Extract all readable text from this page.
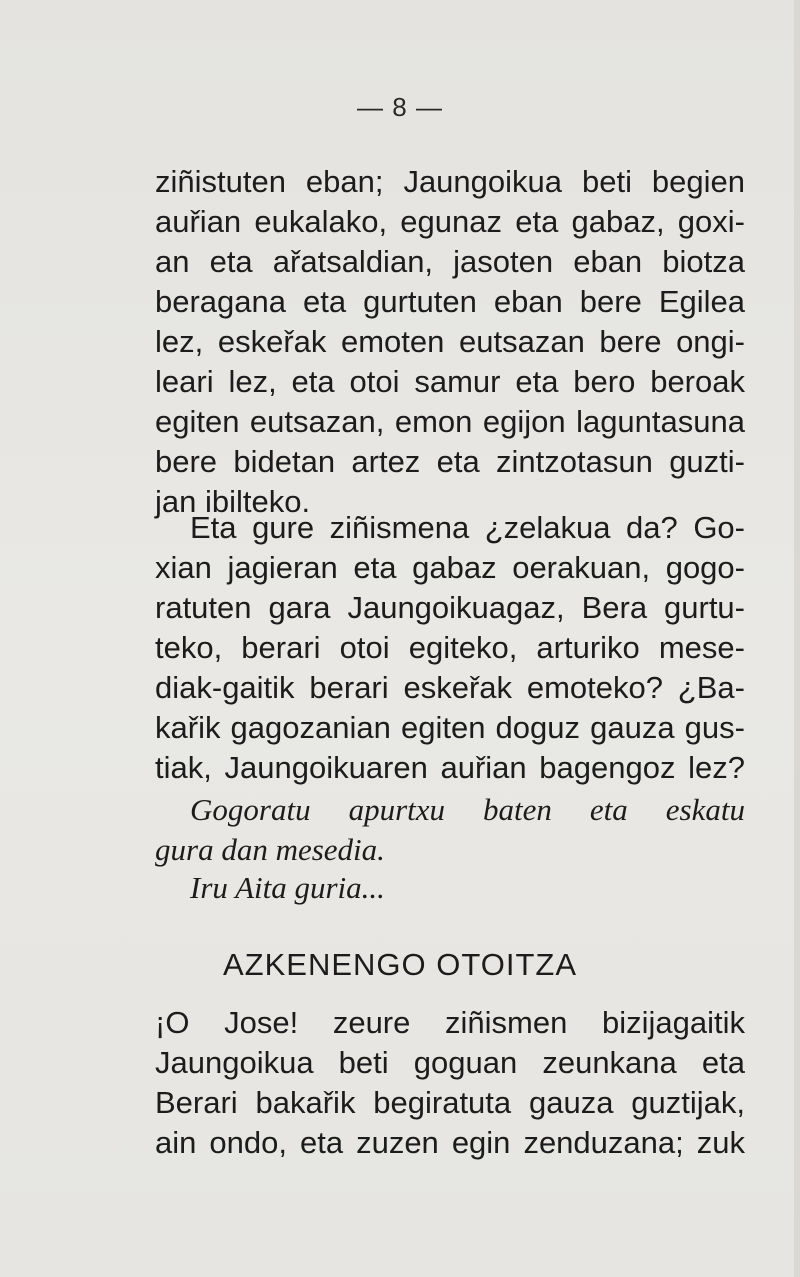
— 8 —
ziñistuten eban; Jaungoikua beti begien
auřian eukalako, egunaz eta gabaz, goxi-
an eta ařatsaldian, jasoten eban biotza
beragana eta gurtuten eban bere Egilea
lez, eskeřak emoten eutsazan bere ongi-
leari lez, eta otoi samur eta bero beroak
egiten eutsazan, emon egijon laguntasuna
bere bidetan artez eta zintzotasun guzti-
jan ibilteko.
Eta gure ziñismena ¿zelakua da? Go-
xian jagieran eta gabaz oerakuan, gogo-
ratuten gara Jaungoikuagaz, Bera gurtu-
teko, berari otoi egiteko, arturiko mese-
diak-gaitik berari eskeřak emoteko? ¿Ba-
kařik gagozanian egiten doguz gauza gus-
tiak, Jaungoikuaren auřian bagengoz lez?
Gogoratu apurtxu baten eta eskatu
gura dan mesedia.
Iru Aita guria...
AZKENENGO OTOITZA
¡O Jose! zeure ziñismen bizijagaitik
Jaungoikua beti goguan zeunkana eta
Berari bakařik begiratuta gauza guztijak,
ain ondo, eta zuzen egin zenduzana; zuk
